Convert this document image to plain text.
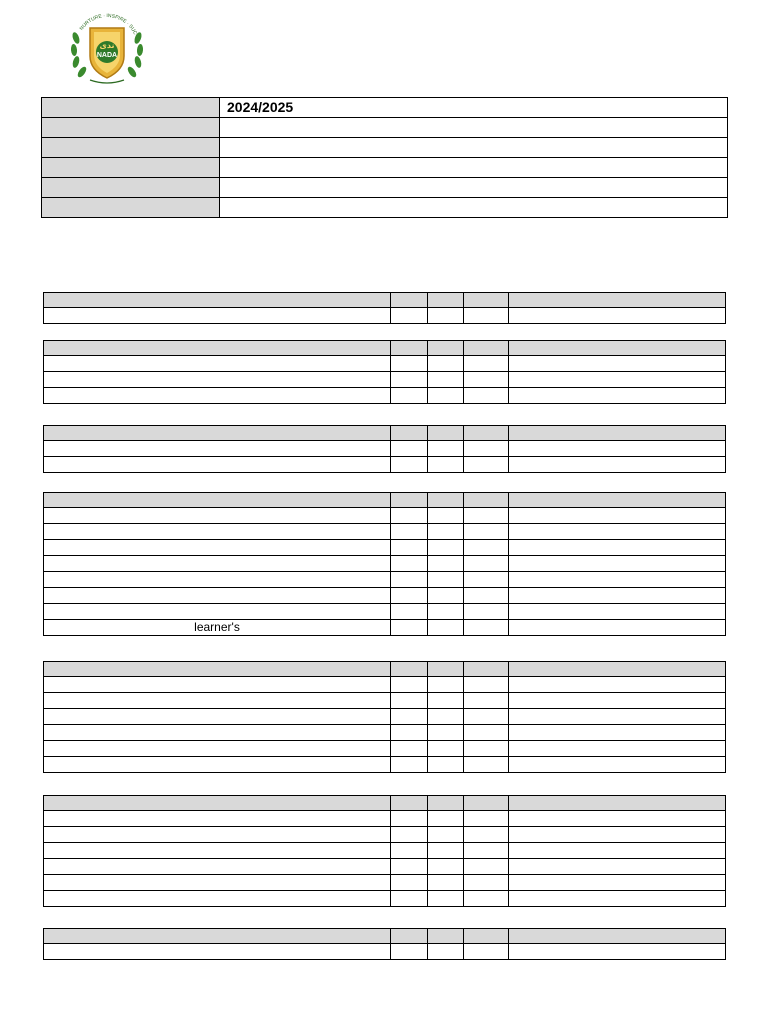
NURTURE · INSPIRE · SUC
ندى
NADA
	2024/2025

learner's				
